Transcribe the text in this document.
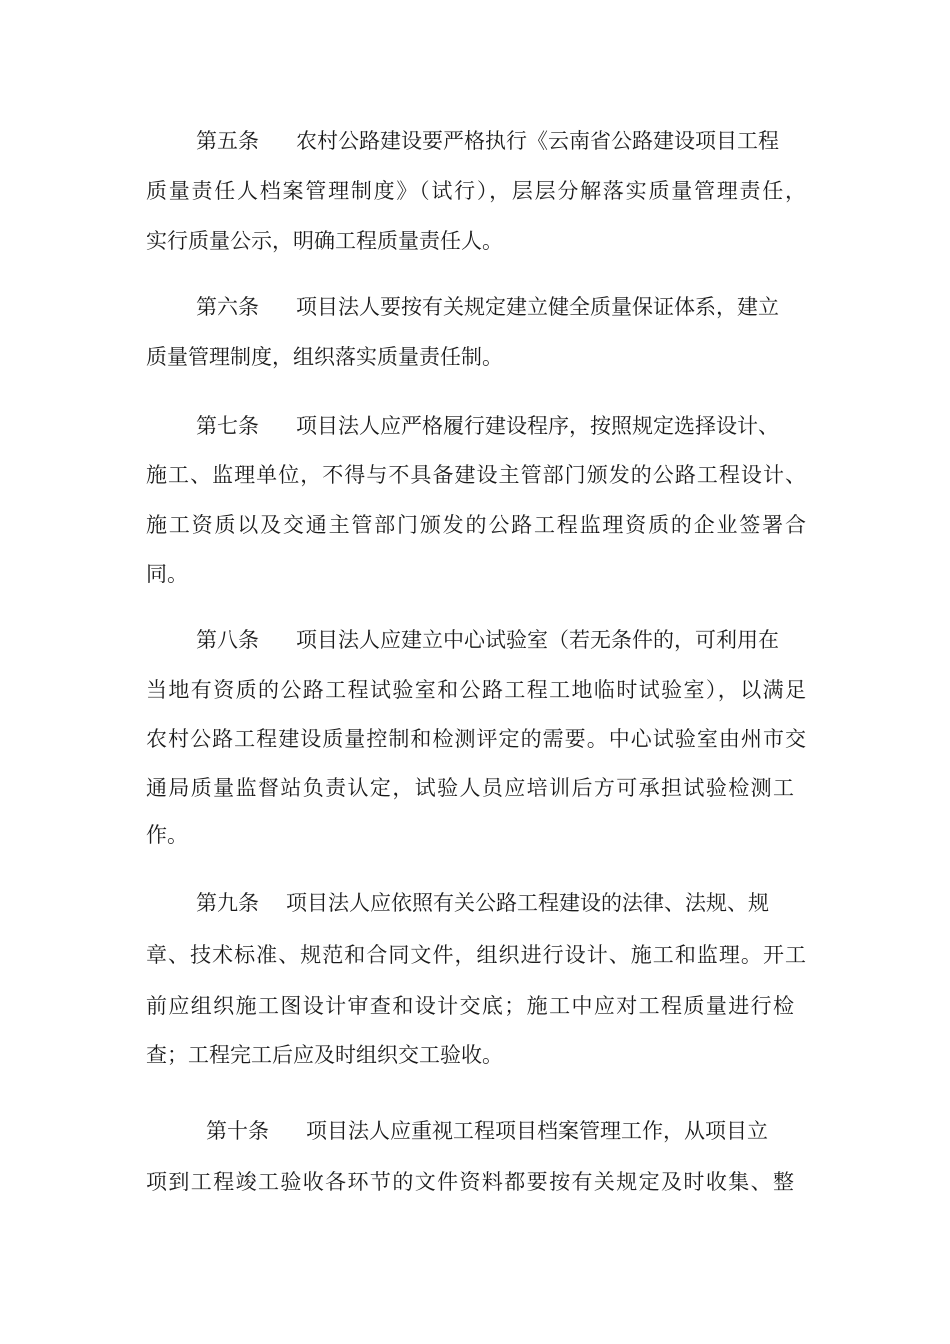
第五条 农村公路建设要严格执行《云南省公路建设项目工程
质量责任人档案管理制度》（试行），层层分解落实质量管理责任，
实行质量公示，明确工程质量责任人。
第六条 项目法人要按有关规定建立健全质量保证体系，建立
质量管理制度，组织落实质量责任制。
第七条 项目法人应严格履行建设程序，按照规定选择设计、
施工、监理单位，不得与不具备建设主管部门颁发的公路工程设计、
施工资质以及交通主管部门颁发的公路工程监理资质的企业签署合
同。
第八条 项目法人应建立中心试验室（若无条件的，可利用在
当地有资质的公路工程试验室和公路工程工地临时试验室），以满足
农村公路工程建设质量控制和检测评定的需要。中心试验室由州市交
通局质量监督站负责认定，试验人员应培训后方可承担试验检测工
作。
第九条 项目法人应依照有关公路工程建设的法律、法规、规
章、技术标准、规范和合同文件，组织进行设计、施工和监理。开工
前应组织施工图设计审查和设计交底；施工中应对工程质量进行检
查；工程完工后应及时组织交工验收。
第十条 项目法人应重视工程项目档案管理工作，从项目立
项到工程竣工验收各环节的文件资料都要按有关规定及时收集、整
